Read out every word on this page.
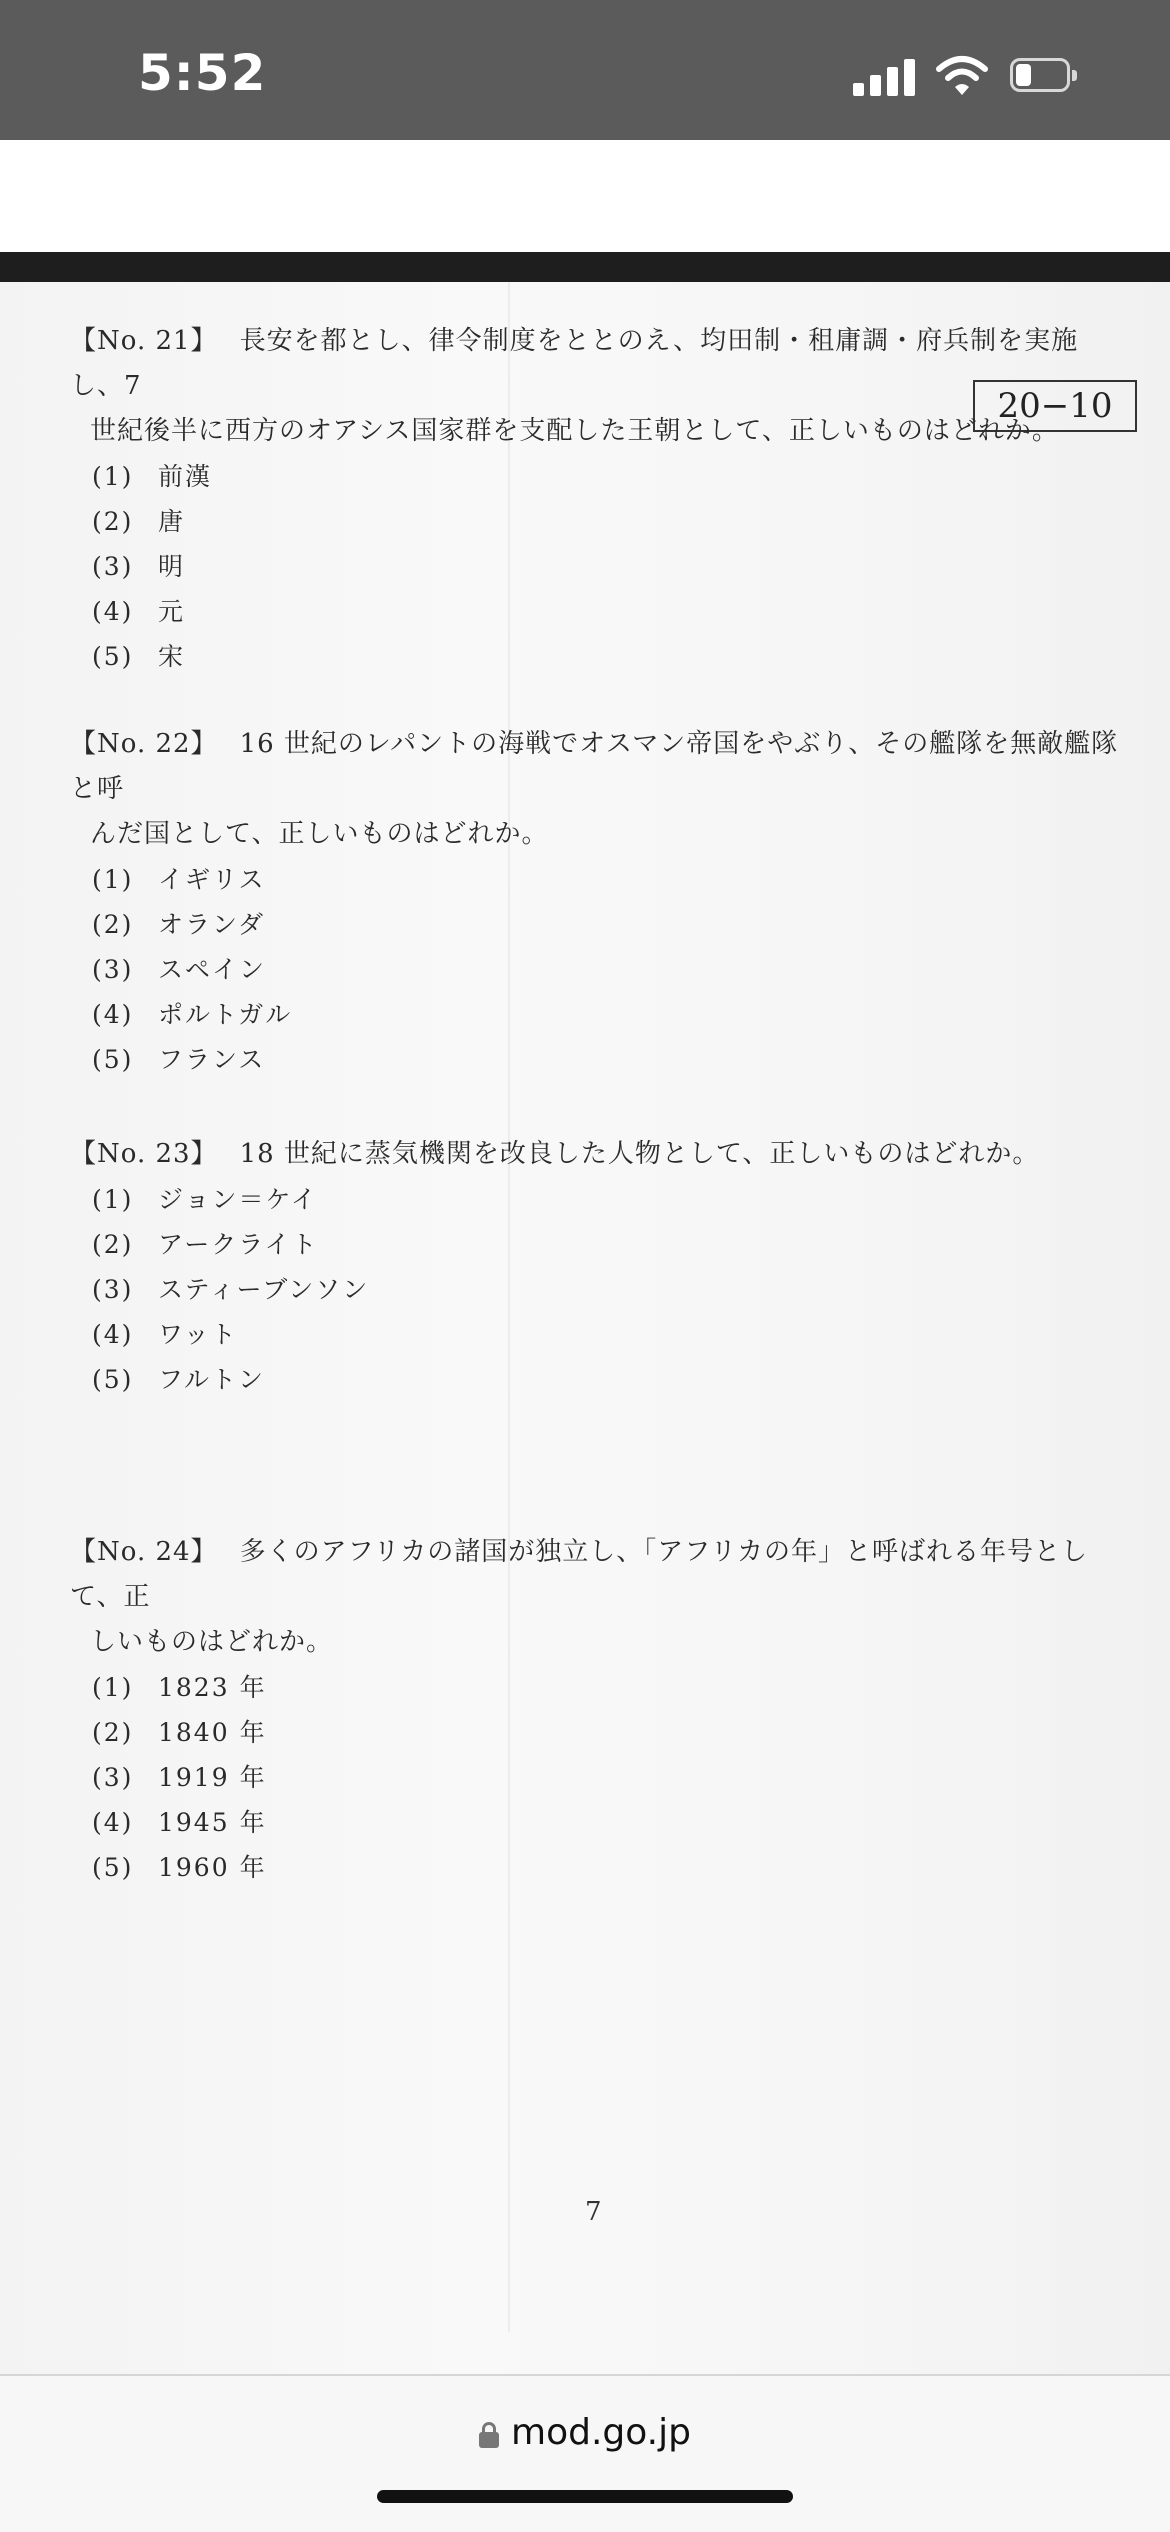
5:52
20−10

【No. 21】 長安を都とし、律令制度をととのえ、均田制・租庸調・府兵制を実施し、7

世紀後半に西方のオアシス国家群を支配した王朝として、正しいものはどれか。

(1) 前漢
(2) 唐
(3) 明
(4) 元
(5) 宋

【No. 22】 16 世紀のレパントの海戦でオスマン帝国をやぶり、その艦隊を無敵艦隊と呼

んだ国として、正しいものはどれか。

(1) イギリス
(2) オランダ
(3) スペイン
(4) ポルトガル
(5) フランス

【No. 23】 18 世紀に蒸気機関を改良した人物として、正しいものはどれか。

(1) ジョン＝ケイ
(2) アークライト
(3) スティーブンソン
(4) ワット
(5) フルトン

【No. 24】 多くのアフリカの諸国が独立し、「アフリカの年」と呼ばれる年号として、正

しいものはどれか。

(1) 1823 年
(2) 1840 年
(3) 1919 年
(4) 1945 年
(5) 1960 年
7
mod.go.jp
